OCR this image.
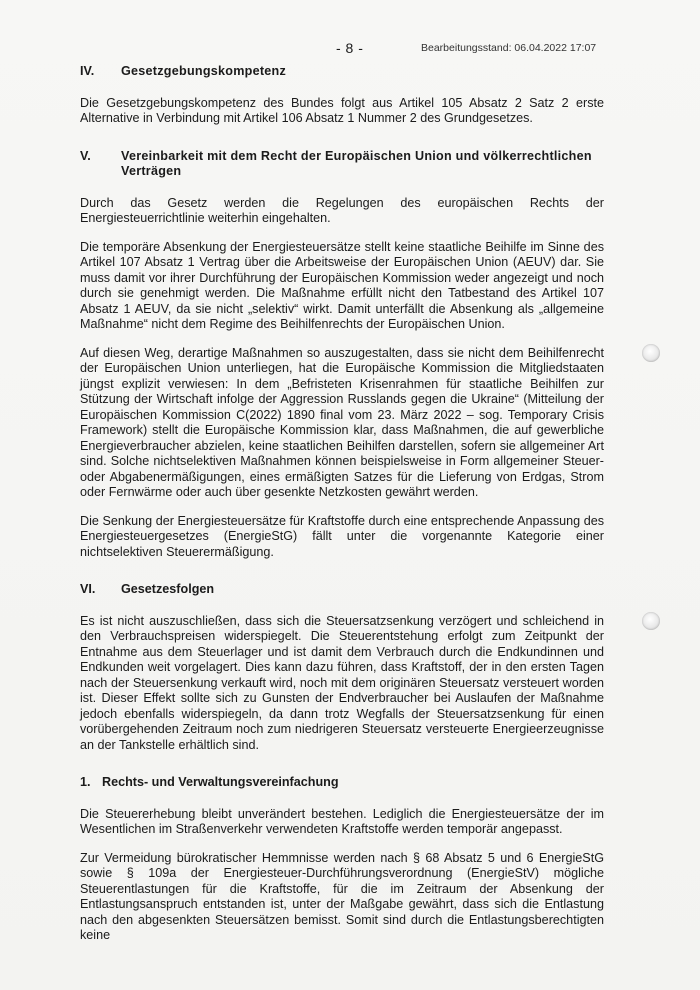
- 8 -	Bearbeitungsstand: 06.04.2022 17:07
IV.	Gesetzgebungskompetenz

Die Gesetzgebungskompetenz des Bundes folgt aus Artikel 105 Absatz 2 Satz 2 erste Alternative in Verbindung mit Artikel 106 Absatz 1 Nummer 2 des Grundgesetzes.

V.	Vereinbarkeit mit dem Recht der Europäischen Union und völkerrechtlichen Verträgen

Durch das Gesetz werden die Regelungen des europäischen Rechts der Energiesteuerrichtlinie weiterhin eingehalten.

Die temporäre Absenkung der Energiesteuersätze stellt keine staatliche Beihilfe im Sinne des Artikel 107 Absatz 1 Vertrag über die Arbeitsweise der Europäischen Union (AEUV) dar. Sie muss damit vor ihrer Durchführung der Europäischen Kommission weder angezeigt und noch durch sie genehmigt werden. Die Maßnahme erfüllt nicht den Tatbestand des Artikel 107 Absatz 1 AEUV, da sie nicht „selektiv“ wirkt. Damit unterfällt die Absenkung als „allgemeine Maßnahme“ nicht dem Regime des Beihilfenrechts der Europäischen Union.

Auf diesen Weg, derartige Maßnahmen so auszugestalten, dass sie nicht dem Beihilfenrecht der Europäischen Union unterliegen, hat die Europäische Kommission die Mitgliedstaaten jüngst explizit verwiesen: In dem „Befristeten Krisenrahmen für staatliche Beihilfen zur Stützung der Wirtschaft infolge der Aggression Russlands gegen die Ukraine“ (Mitteilung der Europäischen Kommission C(2022) 1890 final vom 23. März 2022 – sog. Temporary Crisis Framework) stellt die Europäische Kommission klar, dass Maßnahmen, die auf gewerbliche Energieverbraucher abzielen, keine staatlichen Beihilfen darstellen, sofern sie allgemeiner Art sind. Solche nichtselektiven Maßnahmen können beispielsweise in Form allgemeiner Steuer- oder Abgabenermäßigungen, eines ermäßigten Satzes für die Lieferung von Erdgas, Strom oder Fernwärme oder auch über gesenkte Netzkosten gewährt werden.

Die Senkung der Energiesteuersätze für Kraftstoffe durch eine entsprechende Anpassung des Energiesteuergesetzes (EnergieStG) fällt unter die vorgenannte Kategorie einer nichtselektiven Steuerermäßigung.

VI.	Gesetzesfolgen

Es ist nicht auszuschließen, dass sich die Steuersatzsenkung verzögert und schleichend in den Verbrauchspreisen widerspiegelt. Die Steuerentstehung erfolgt zum Zeitpunkt der Entnahme aus dem Steuerlager und ist damit dem Verbrauch durch die Endkundinnen und Endkunden weit vorgelagert. Dies kann dazu führen, dass Kraftstoff, der in den ersten Tagen nach der Steuersenkung verkauft wird, noch mit dem originären Steuersatz versteuert worden ist. Dieser Effekt sollte sich zu Gunsten der Endverbraucher bei Auslaufen der Maßnahme jedoch ebenfalls widerspiegeln, da dann trotz Wegfalls der Steuersatzsenkung für einen vorübergehenden Zeitraum noch zum niedrigeren Steuersatz versteuerte Energieerzeugnisse an der Tankstelle erhältlich sind.

1. Rechts- und Verwaltungsvereinfachung

Die Steuererhebung bleibt unverändert bestehen. Lediglich die Energiesteuersätze der im Wesentlichen im Straßenverkehr verwendeten Kraftstoffe werden temporär angepasst.

Zur Vermeidung bürokratischer Hemmnisse werden nach § 68 Absatz 5 und 6 EnergieStG sowie § 109a der Energiesteuer-Durchführungsverordnung (EnergieStV) mögliche Steuerentlastungen für die Kraftstoffe, für die im Zeitraum der Absenkung der Entlastungsanspruch entstanden ist, unter der Maßgabe gewährt, dass sich die Entlastung nach den abgesenkten Steuersätzen bemisst. Somit sind durch die Entlastungsberechtigten keine
